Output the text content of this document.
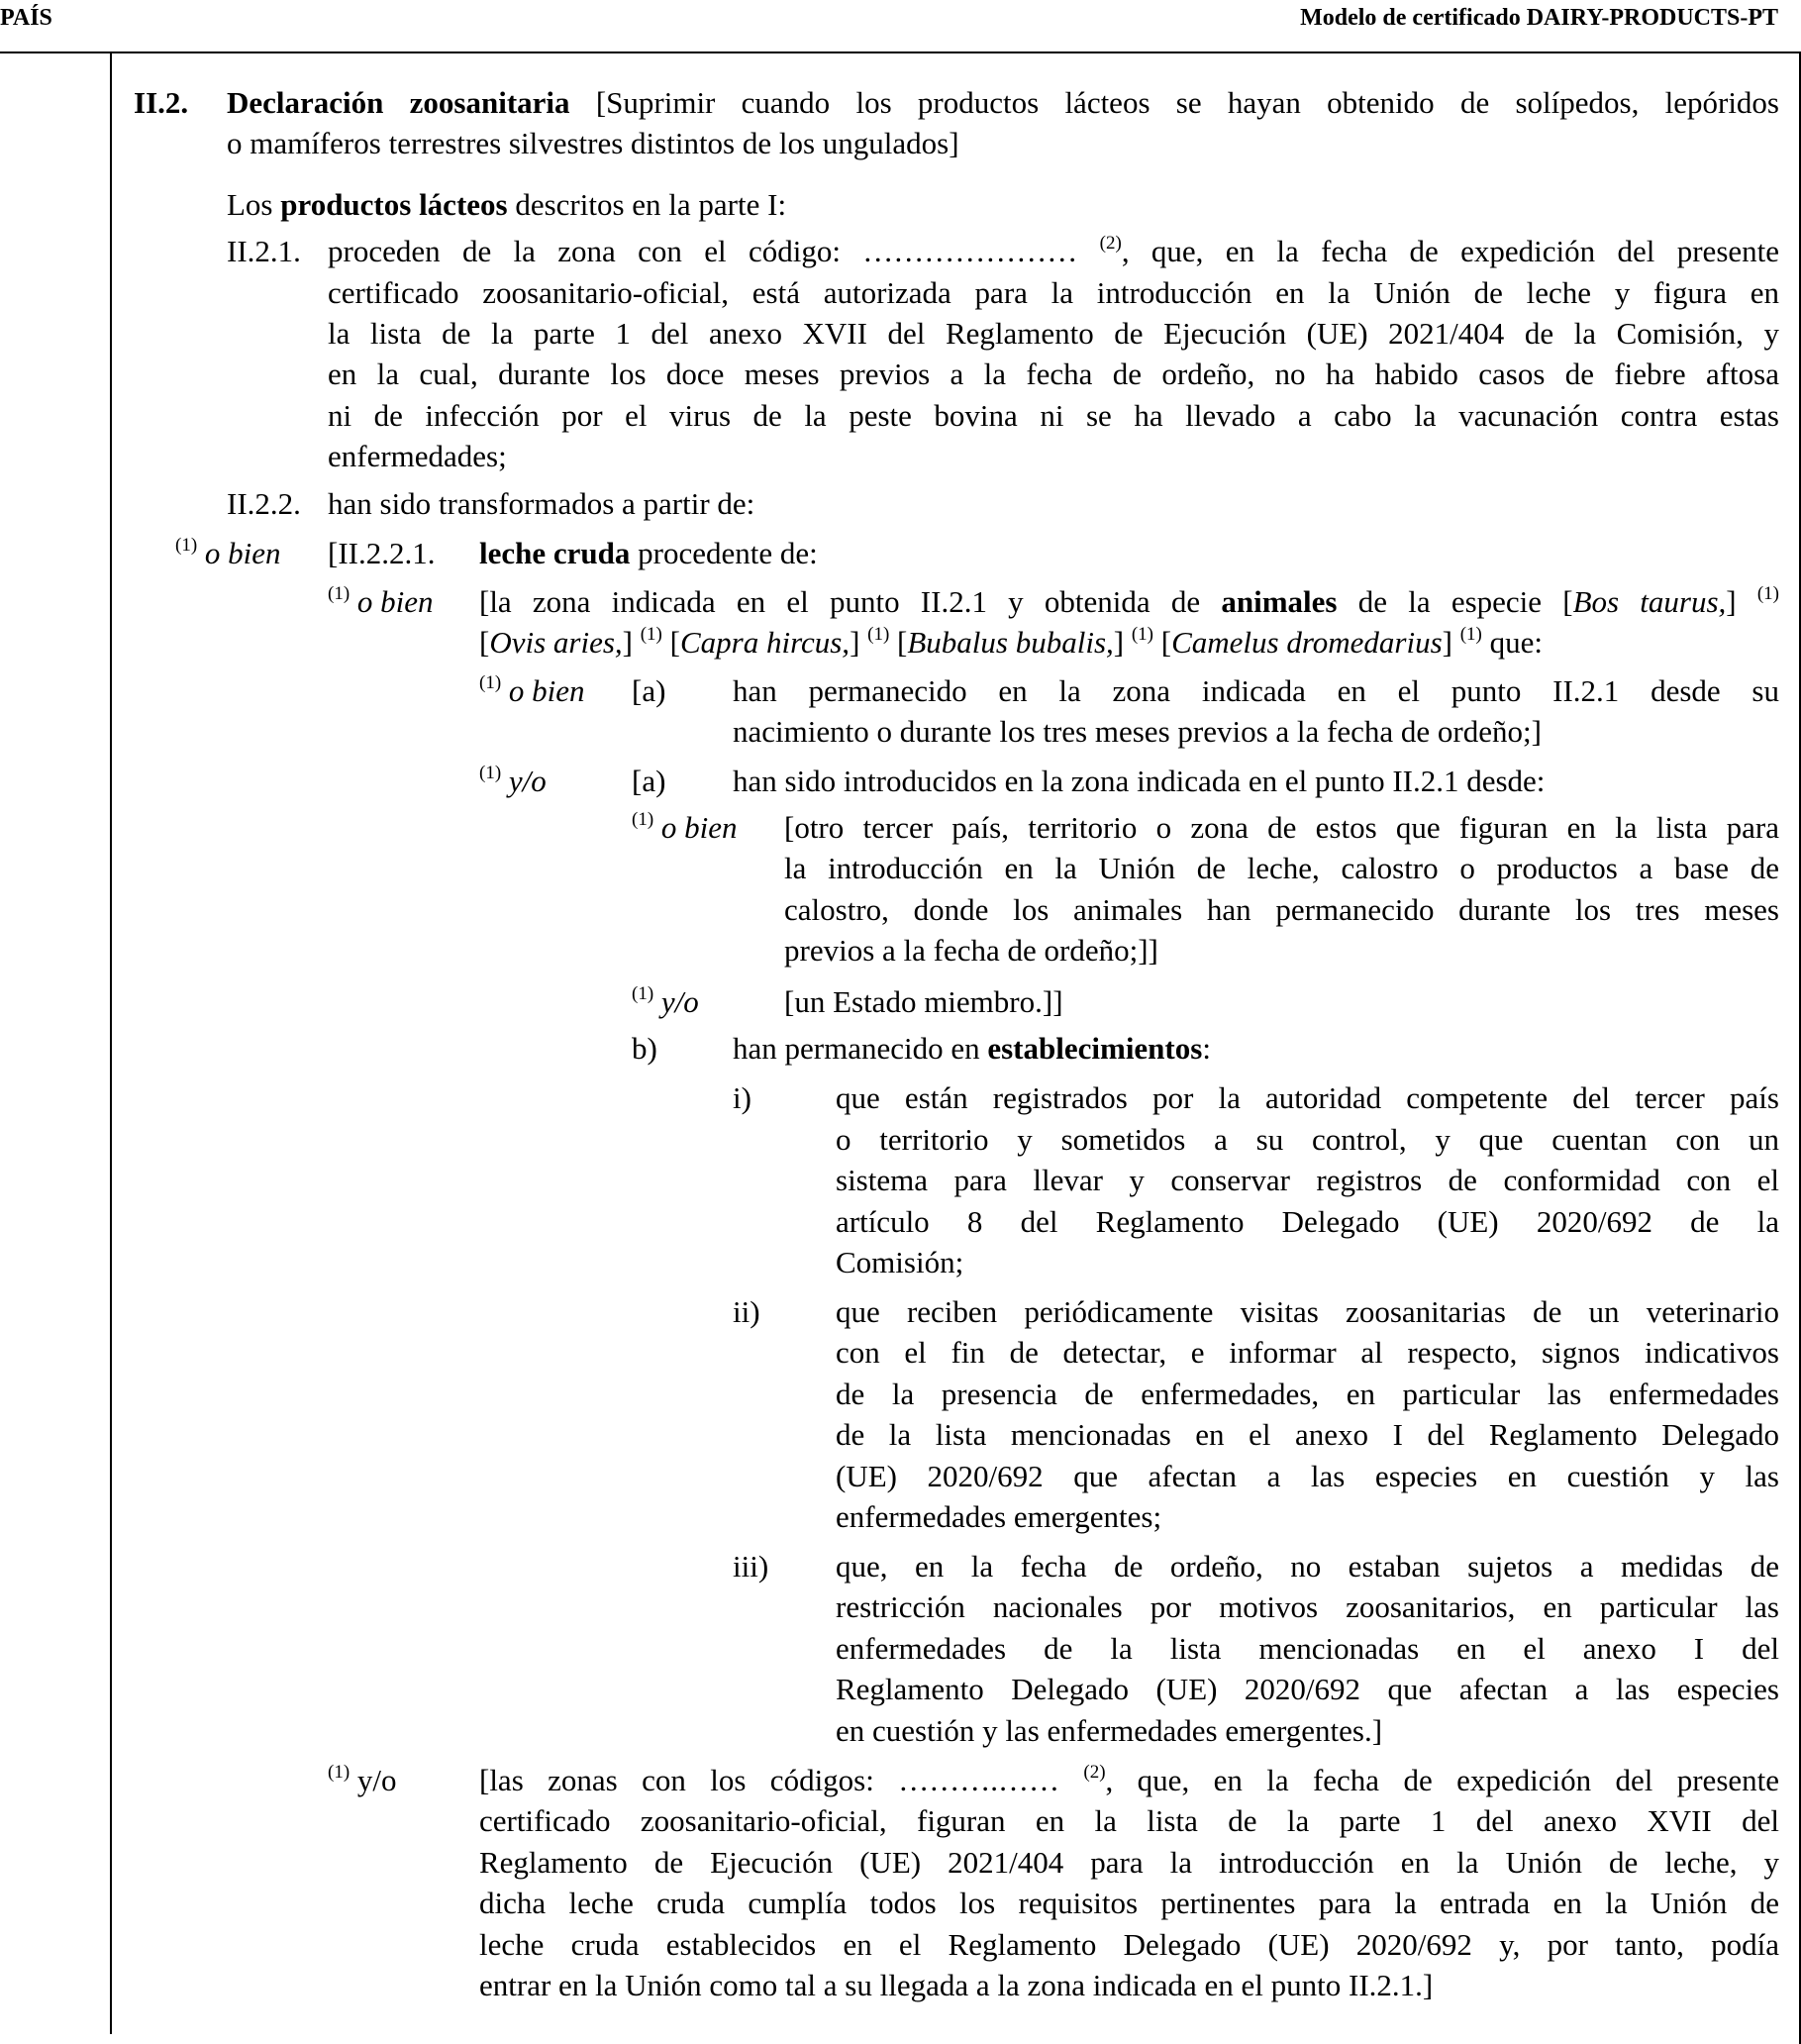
PAÍS	Modelo de certificado DAIRY-PRODUCTS-PT
II.2. Declaración zoosanitaria [Suprimir cuando los productos lácteos se hayan obtenido de solípedos, lepóridos
o mamíferos terrestres silvestres distintos de los ungulados]
Los productos lácteos descritos en la parte I:
II.2.1. proceden de la zona con el código: ………………… $^{(2)}$, que, en la fecha de expedición del presente
certificado zoosanitario-oficial, está autorizada para la introducción en la Unión de leche y figura en
la lista de la parte 1 del anexo XVII del Reglamento de Ejecución (UE) 2021/404 de la Comisión, y
en la cual, durante los doce meses previos a la fecha de ordeño, no ha habido casos de fiebre aftosa
ni de infección por el virus de la peste bovina ni se ha llevado a cabo la vacunación contra estas
enfermedades;
II.2.2. han sido transformados a partir de:
$^{(1)}$ o bien [II.2.2.1. leche cruda procedente de:
$^{(1)}$ o bien [la zona indicada en el punto II.2.1 y obtenida de animales de la especie [Bos taurus,] $^{(1)}$
[Ovis aries,] $^{(1)}$ [Capra hircus,] $^{(1)}$ [Bubalus bubalis,] $^{(1)}$ [Camelus dromedarius] $^{(1)}$ que:
$^{(1)}$ o bien [a) han permanecido en la zona indicada en el punto II.2.1 desde su
nacimiento o durante los tres meses previos a la fecha de ordeño;]
$^{(1)}$ y/o	[a) han sido introducidos en la zona indicada en el punto II.2.1 desde:
$^{(1)}$ o bien [otro tercer país, territorio o zona de estos que figuran en la lista para
la introducción en la Unión de leche, calostro o productos a base de
calostro, donde los animales han permanecido durante los tres meses
previos a la fecha de ordeño;]]
$^{(1)}$ y/o	[un Estado miembro.]]
b) han permanecido en establecimientos:
i)	que están registrados por la autoridad competente del tercer país
o territorio y sometidos a su control, y que cuentan con un
sistema para llevar y conservar registros de conformidad con el
artículo 8 del Reglamento Delegado (UE) 2020/692 de la
Comisión;
ii) que reciben periódicamente visitas zoosanitarias de un veterinario
con el fin de detectar, e informar al respecto, signos indicativos
de la presencia de enfermedades, en particular las enfermedades
de la lista mencionadas en el anexo I del Reglamento Delegado
(UE) 2020/692 que afectan a las especies en cuestión y las
enfermedades emergentes;
iii) que, en la fecha de ordeño, no estaban sujetos a medidas de
restricción nacionales por motivos zoosanitarios, en particular las
enfermedades de la lista mencionadas en el anexo I del
Reglamento Delegado (UE) 2020/692 que afectan a las especies
en cuestión y las enfermedades emergentes.]
$^{(1)}$ y/o	[las zonas con los códigos: ……….…… $^{(2)}$, que, en la fecha de expedición del presente
certificado zoosanitario-oficial, figuran en la lista de la parte 1 del anexo XVII del
Reglamento de Ejecución (UE) 2021/404 para la introducción en la Unión de leche, y
dicha leche cruda cumplía todos los requisitos pertinentes para la entrada en la Unión de
leche cruda establecidos en el Reglamento Delegado (UE) 2020/692 y, por tanto, podía
entrar en la Unión como tal a su llegada a la zona indicada en el punto II.2.1.]
